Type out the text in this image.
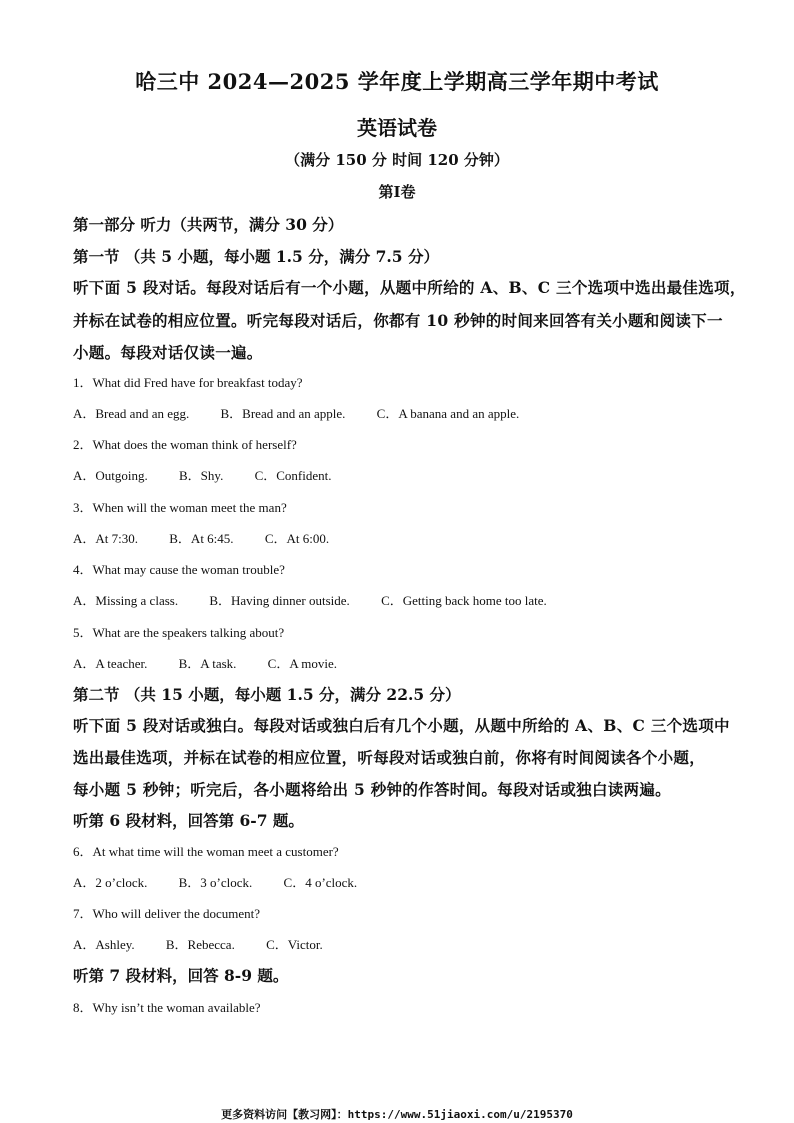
哈三中 2024—2025 学年度上学期高三学年期中考试
英语试卷
（满分 150 分 时间 120 分钟）
第Ⅰ卷
第一部分 听力（共两节，满分 30 分）
第一节 （共 5 小题，每小题 1.5 分，满分 7.5 分）
听下面 5 段对话。每段对话后有一个小题，从题中所给的 A、B、C 三个选项中选出最佳选项，
并标在试卷的相应位置。听完每段对话后，你都有 10 秒钟的时间来回答有关小题和阅读下一
小题。每段对话仅读一遍。
1．What did Fred have for breakfast today?
A．Bread and an egg. B．Bread and an apple. C．A banana and an apple.
2．What does the woman think of herself?
A．Outgoing. B．Shy. C．Confident.
3．When will the woman meet the man?
A．At 7:30. B．At 6:45. C．At 6:00.
4．What may cause the woman trouble?
A．Missing a class. B．Having dinner outside. C．Getting back home too late.
5．What are the speakers talking about?
A．A teacher. B．A task. C．A movie.
第二节 （共 15 小题，每小题 1.5 分，满分 22.5 分）
听下面 5 段对话或独白。每段对话或独白后有几个小题，从题中所给的 A、B、C 三个选项中
选出最佳选项，并标在试卷的相应位置，听每段对话或独白前，你将有时间阅读各个小题，
每小题 5 秒钟；听完后，各小题将给出 5 秒钟的作答时间。每段对话或独白读两遍。
听第 6 段材料，回答第 6-7 题。
6．At what time will the woman meet a customer?
A．2 o’clock. B．3 o’clock. C．4 o’clock.
7．Who will deliver the document?
A．Ashley. B．Rebecca. C．Victor.
听第 7 段材料，回答 8-9 题。
8．Why isn’t the woman available?
更多资料访问【教习网】：https://www.51jiaoxi.com/u/2195370
